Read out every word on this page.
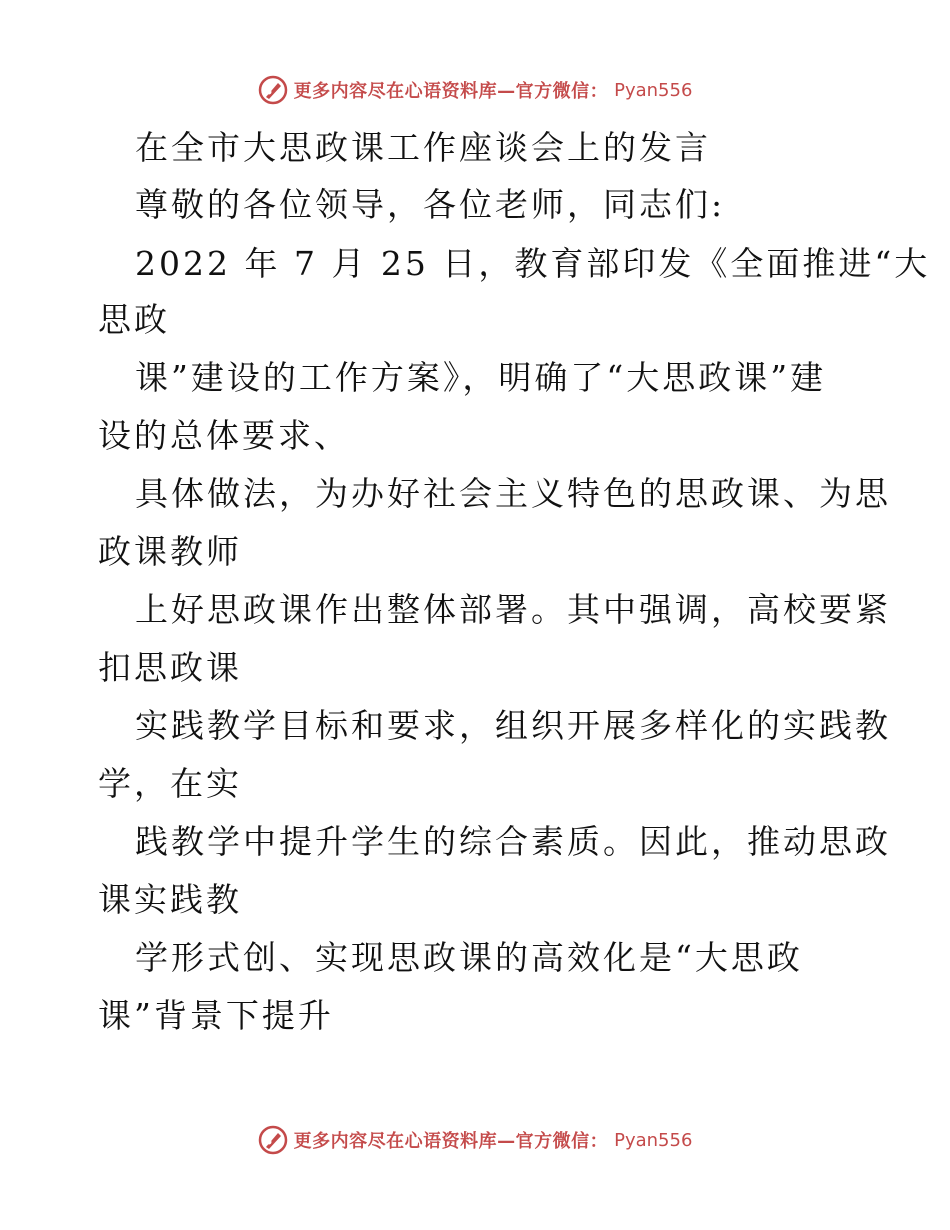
更多内容尽在心语资料库—官方微信： Pyan556
在全市大思政课工作座谈会上的发言
尊敬的各位领导，各位老师，同志们:
2022 年 7 月 25 日，教育部印发《全面推进“大
思政
课”建设的工作方案》，明确了“大思政课”建
设的总体要求、
具体做法，为办好社会主义特色的思政课、为思
政课教师
上好思政课作出整体部署。其中强调，高校要紧
扣思政课
实践教学目标和要求，组织开展多样化的实践教
学，在实
践教学中提升学生的综合素质。因此，推动思政
课实践教
学形式创、实现思政课的高效化是“大思政
课”背景下提升
更多内容尽在心语资料库—官方微信： Pyan556
